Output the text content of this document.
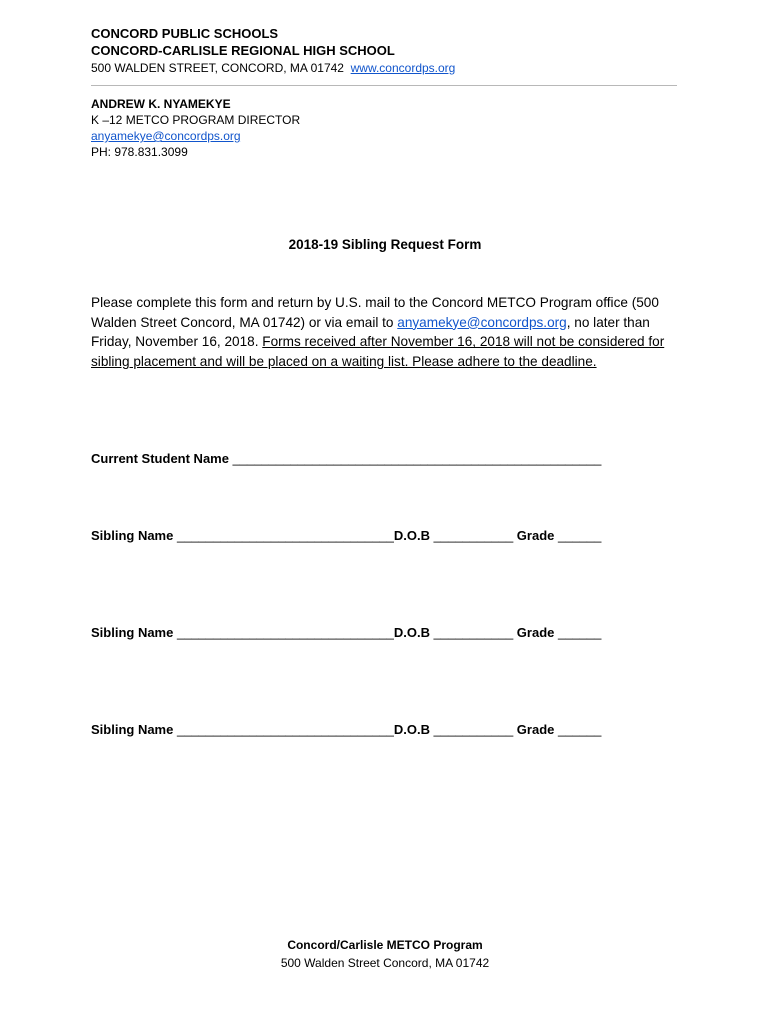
CONCORD PUBLIC SCHOOLS
CONCORD-CARLISLE REGIONAL HIGH SCHOOL
500 WALDEN STREET, CONCORD, MA 01742 www.concordps.org
ANDREW K. NYAMEKYE
K –12 METCO PROGRAM DIRECTOR
anyamekye@concordps.org
PH: 978.831.3099
2018-19 Sibling Request Form
Please complete this form and return by U.S. mail to the Concord METCO Program office (500 Walden Street Concord, MA 01742) or via email to anyamekye@concordps.org, no later than Friday, November 16, 2018. Forms received after November 16, 2018 will not be considered for sibling placement and will be placed on a waiting list. Please adhere to the deadline.
Current Student Name ___________________________________________________
Sibling Name ______________________________D.O.B ___________ Grade ______
Sibling Name ______________________________D.O.B ___________ Grade ______
Sibling Name ______________________________D.O.B ___________ Grade ______
Concord/Carlisle METCO Program
500 Walden Street Concord, MA 01742
